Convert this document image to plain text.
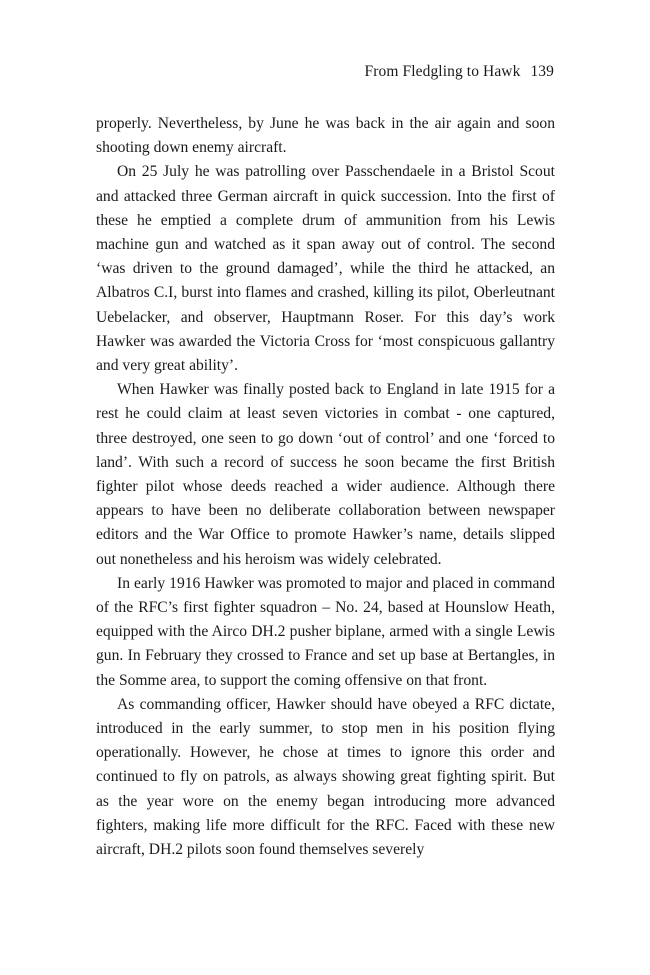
From Fledgling to Hawk 139

properly. Nevertheless, by June he was back in the air again and soon shooting down enemy aircraft.

On 25 July he was patrolling over Passchendaele in a Bristol Scout and attacked three German aircraft in quick succession. Into the first of these he emptied a complete drum of ammunition from his Lewis machine gun and watched as it span away out of control. The second ‘was driven to the ground damaged’, while the third he attacked, an Albatros C.I, burst into flames and crashed, killing its pilot, Oberleutnant Uebelacker, and observer, Hauptmann Roser. For this day’s work Hawker was awarded the Victoria Cross for ‘most conspicuous gallantry and very great ability’.

When Hawker was finally posted back to England in late 1915 for a rest he could claim at least seven victories in combat - one captured, three destroyed, one seen to go down ‘out of control’ and one ‘forced to land’. With such a record of success he soon became the first British fighter pilot whose deeds reached a wider audience. Although there appears to have been no deliberate collaboration between newspaper editors and the War Office to promote Hawker’s name, details slipped out nonetheless and his heroism was widely celebrated.

In early 1916 Hawker was promoted to major and placed in command of the RFC’s first fighter squadron – No. 24, based at Hounslow Heath, equipped with the Airco DH.2 pusher biplane, armed with a single Lewis gun. In February they crossed to France and set up base at Bertangles, in the Somme area, to support the coming offensive on that front.

As commanding officer, Hawker should have obeyed a RFC dictate, introduced in the early summer, to stop men in his position flying operationally. However, he chose at times to ignore this order and continued to fly on patrols, as always showing great fighting spirit. But as the year wore on the enemy began introducing more advanced fighters, making life more difficult for the RFC. Faced with these new aircraft, DH.2 pilots soon found themselves severely
